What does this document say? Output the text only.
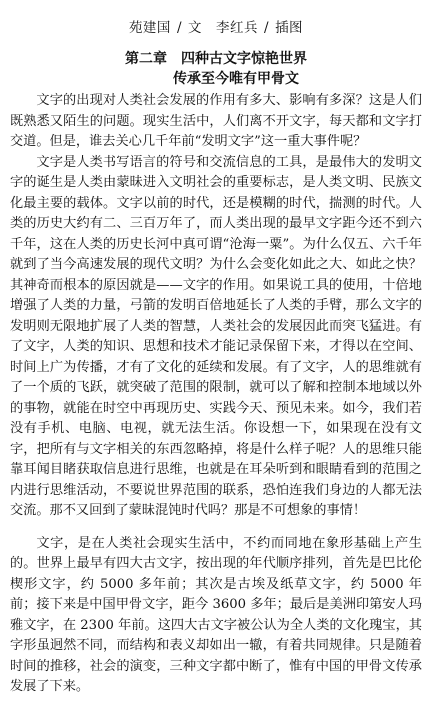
苑建国 / 文 李红兵 / 插图
第二章 四种古文字惊艳世界
传承至今唯有甲骨文

文字的出现对人类社会发展的作用有多大、影响有多深？这是人们既熟悉又陌生的问题。现实生活中，人们离不开文字，每天都和文字打交道。但是，谁去关心几千年前“发明文字”这一重大事件呢？

文字是人类书写语言的符号和交流信息的工具，是最伟大的发明文字的诞生是人类由蒙昧进入文明社会的重要标志，是人类文明、民族文化最主要的载体。文字以前的时代，还是模糊的时代，揣测的时代。人类的历史大约有二、三百万年了，而人类出现的最早文字距今还不到六千年，这在人类的历史长河中真可谓“沧海一粟”。为什么仅五、六千年就到了当今高速发展的现代文明？为什么会变化如此之大、如此之快？其神奇而根本的原因就是——文字的作用。如果说工具的使用，十倍地增强了人类的力量，弓箭的发明百倍地延长了人类的手臂，那么文字的发明则无限地扩展了人类的智慧，人类社会的发展因此而突飞猛进。有了文字，人类的知识、思想和技术才能记录保留下来，才得以在空间、时间上广为传播，才有了文化的延续和发展。有了文字，人的思维就有了一个质的飞跃，就突破了范围的限制，就可以了解和控制本地域以外的事物，就能在时空中再现历史、实践今天、预见未来。如今，我们若没有手机、电脑、电视，就无法生活。你设想一下，如果现在没有文字，把所有与文字相关的东西忽略掉，将是什么样子呢？人的思维只能靠耳闻目睹获取信息进行思维，也就是在耳朵听到和眼睛看到的范围之内进行思维活动，不要说世界范围的联系，恐怕连我们身边的人都无法交流。那不又回到了蒙昧混饨时代吗？那是不可想象的事情！

文字，是在人类社会现实生活中，不约而同地在象形基础上产生的。世界上最早有四大古文字，按出现的年代顺序排列，首先是巴比伦楔形文字，约 5000 多年前；其次是古埃及纸草文字，约 5000 年前；接下来是中国甲骨文字，距今 3600 多年；最后是美洲印第安人玛雅文字，在 2300 年前。这四大古文字被公认为全人类的文化瑰宝，其字形虽迥然不同，而结构和表义却如出一辙，有着共同规律。只是随着时间的推移，社会的演变，三种文字都中断了，惟有中国的甲骨文传承发展了下来。
